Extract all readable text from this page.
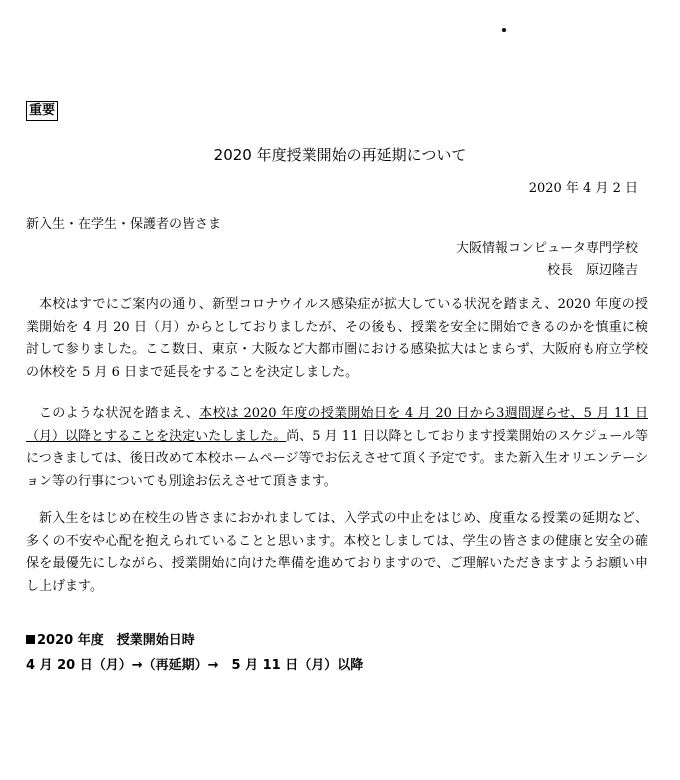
重要
2020 年度授業開始の再延期について
2020 年 4 月 2 日
新入生・在学生・保護者の皆さま
大阪情報コンピュータ専門学校
校長　原辺隆吉

本校はすでにご案内の通り、新型コロナウイルス感染症が拡大している状況を踏まえ、2020 年度の授業開始を 4 月 20 日（月）からとしておりましたが、その後も、授業を安全に開始できるのかを慎重に検討して参りました。ここ数日、東京・大阪など大都市圏における感染拡大はとまらず、大阪府も府立学校の休校を 5 月 6 日まで延長をすることを決定しました。

このような状況を踏まえ、本校は 2020 年度の授業開始日を 4 月 20 日から3週間遅らせ、5 月 11 日（月）以降とすることを決定いたしました。尚、5 月 11 日以降としております授業開始のスケジュール等につきましては、後日改めて本校ホームページ等でお伝えさせて頂く予定です。また新入生オリエンテーション等の行事についても別途お伝えさせて頂きます。

新入生をはじめ在校生の皆さまにおかれましては、入学式の中止をはじめ、度重なる授業の延期など、多くの不安や心配を抱えられていることと思います。本校としましては、学生の皆さまの健康と安全の確保を最優先にしながら、授業開始に向けた準備を進めておりますので、ご理解いただきますようお願い申し上げます。

2020 年度　授業開始日時
4 月 20 日（月）→（再延期）→　5 月 11 日（月）以降
